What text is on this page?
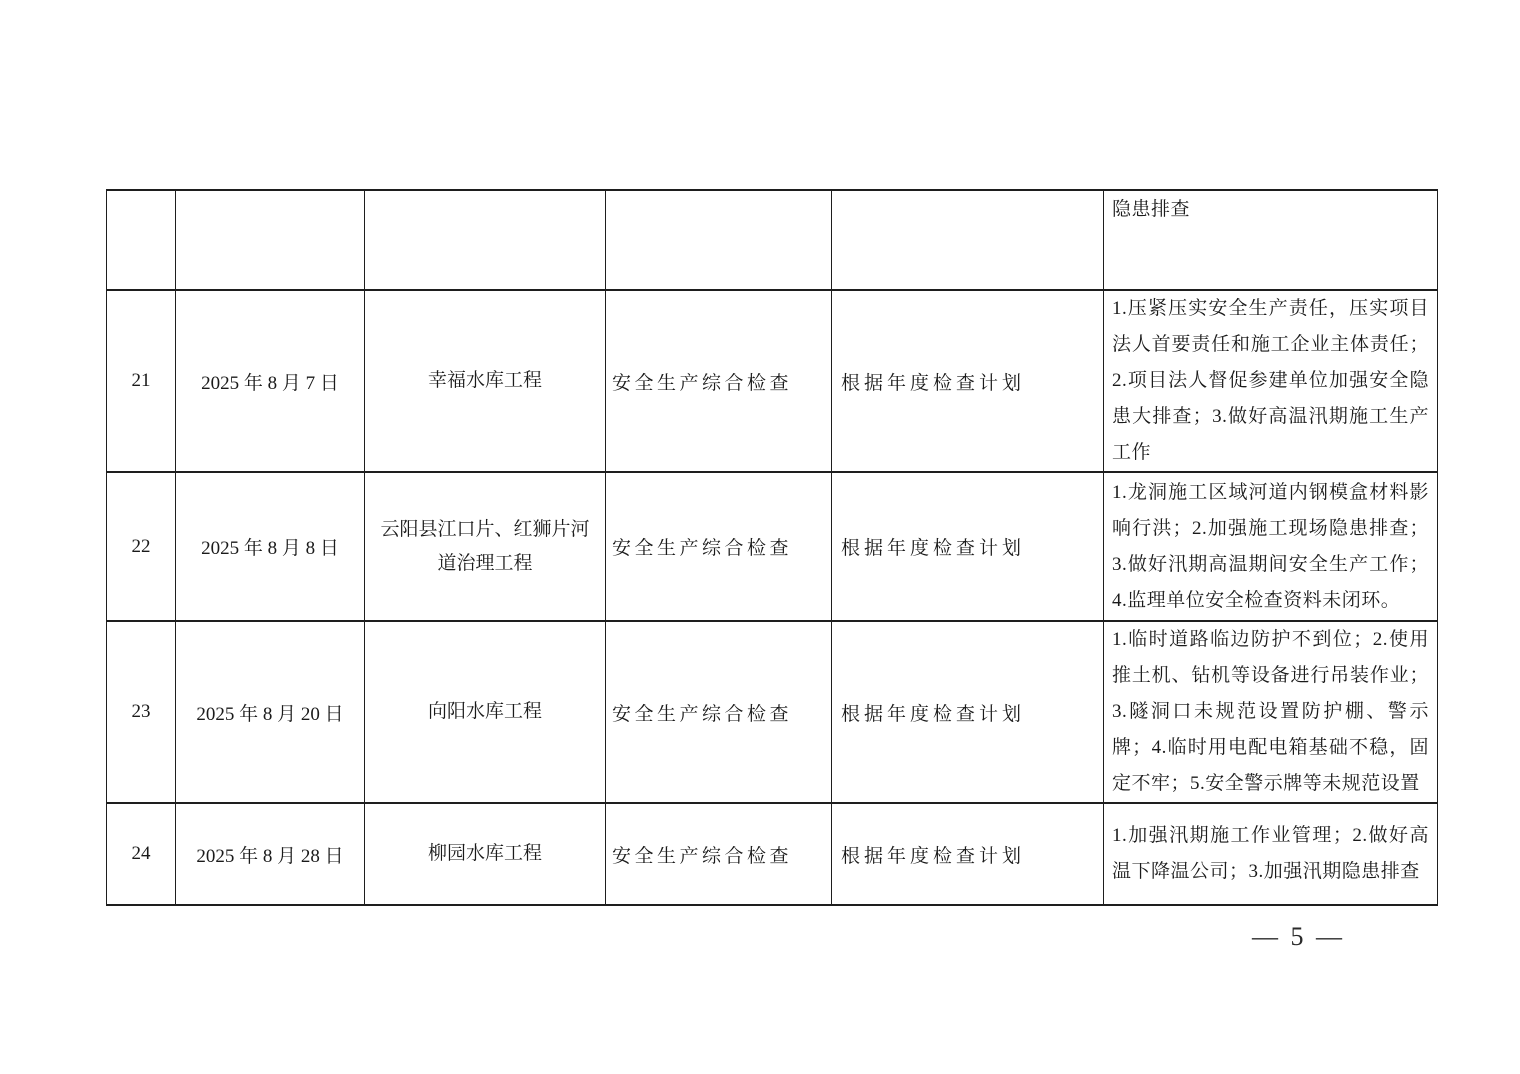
					隐患排查
21	2025 年 8 月 7 日	幸福水库工程	安全生产综合检查	根据年度检查计划	1.压紧压实安全生产责任，压实项目法人首要责任和施工企业主体责任；2.项目法人督促参建单位加强安全隐患大排查；3.做好高温汛期施工生产工作
22	2025 年 8 月 8 日	云阳县江口片、红狮片河道治理工程	安全生产综合检查	根据年度检查计划	1.龙洞施工区域河道内钢模盒材料影响行洪；2.加强施工现场隐患排查；3.做好汛期高温期间安全生产工作；4.监理单位安全检查资料未闭环。
23	2025 年 8 月 20 日	向阳水库工程	安全生产综合检查	根据年度检查计划	1.临时道路临边防护不到位；2.使用推土机、钻机等设备进行吊装作业；3.隧洞口未规范设置防护棚、警示牌；4.临时用电配电箱基础不稳，固定不牢；5.安全警示牌等未规范设置
24	2025 年 8 月 28 日	柳园水库工程	安全生产综合检查	根据年度检查计划	1.加强汛期施工作业管理；2.做好高温下降温公司；3.加强汛期隐患排查
— 5 —
